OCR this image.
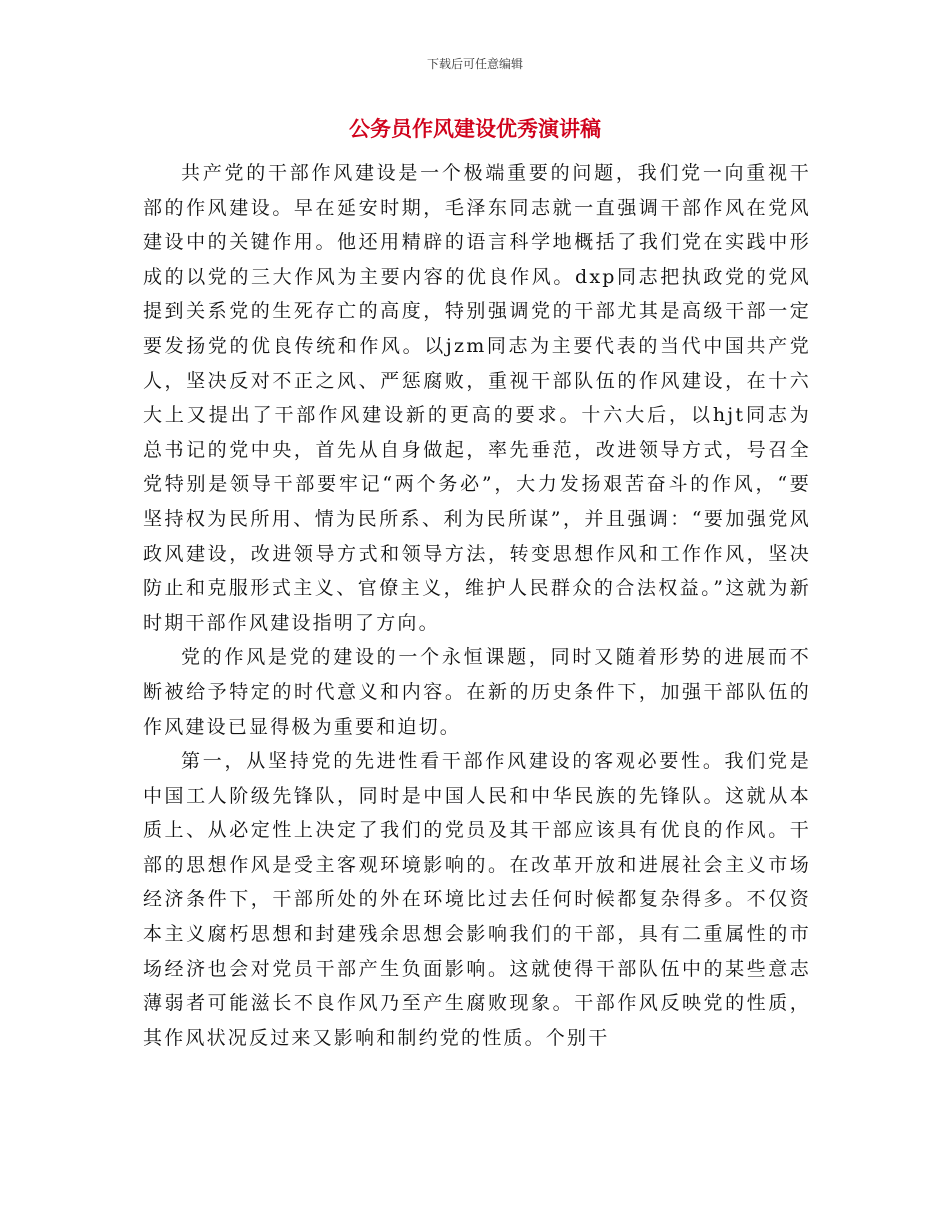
下载后可任意编辑
公务员作风建设优秀演讲稿

共产党的干部作风建设是一个极端重要的问题，我们党一向重视干部的作风建设。早在延安时期，毛泽东同志就一直强调干部作风在党风建设中的关键作用。他还用精辟的语言科学地概括了我们党在实践中形成的以党的三大作风为主要内容的优良作风。dxp同志把执政党的党风提到关系党的生死存亡的高度，特别强调党的干部尤其是高级干部一定要发扬党的优良传统和作风。以jzm同志为主要代表的当代中国共产党人，坚决反对不正之风、严惩腐败，重视干部队伍的作风建设，在十六大上又提出了干部作风建设新的更高的要求。十六大后，以hjt同志为总书记的党中央，首先从自身做起，率先垂范，改进领导方式，号召全党特别是领导干部要牢记“两个务必”，大力发扬艰苦奋斗的作风，“要坚持权为民所用、情为民所系、利为民所谋”，并且强调：“要加强党风政风建设，改进领导方式和领导方法，转变思想作风和工作作风，坚决防止和克服形式主义、官僚主义，维护人民群众的合法权益。”这就为新时期干部作风建设指明了方向。

党的作风是党的建设的一个永恒课题，同时又随着形势的进展而不断被给予特定的时代意义和内容。在新的历史条件下，加强干部队伍的作风建设已显得极为重要和迫切。

第一，从坚持党的先进性看干部作风建设的客观必要性。我们党是中国工人阶级先锋队，同时是中国人民和中华民族的先锋队。这就从本质上、从必定性上决定了我们的党员及其干部应该具有优良的作风。干部的思想作风是受主客观环境影响的。在改革开放和进展社会主义市场经济条件下，干部所处的外在环境比过去任何时候都复杂得多。不仅资本主义腐朽思想和封建残余思想会影响我们的干部，具有二重属性的市场经济也会对党员干部产生负面影响。这就使得干部队伍中的某些意志薄弱者可能滋长不良作风乃至产生腐败现象。干部作风反映党的性质，其作风状况反过来又影响和制约党的性质。个别干
